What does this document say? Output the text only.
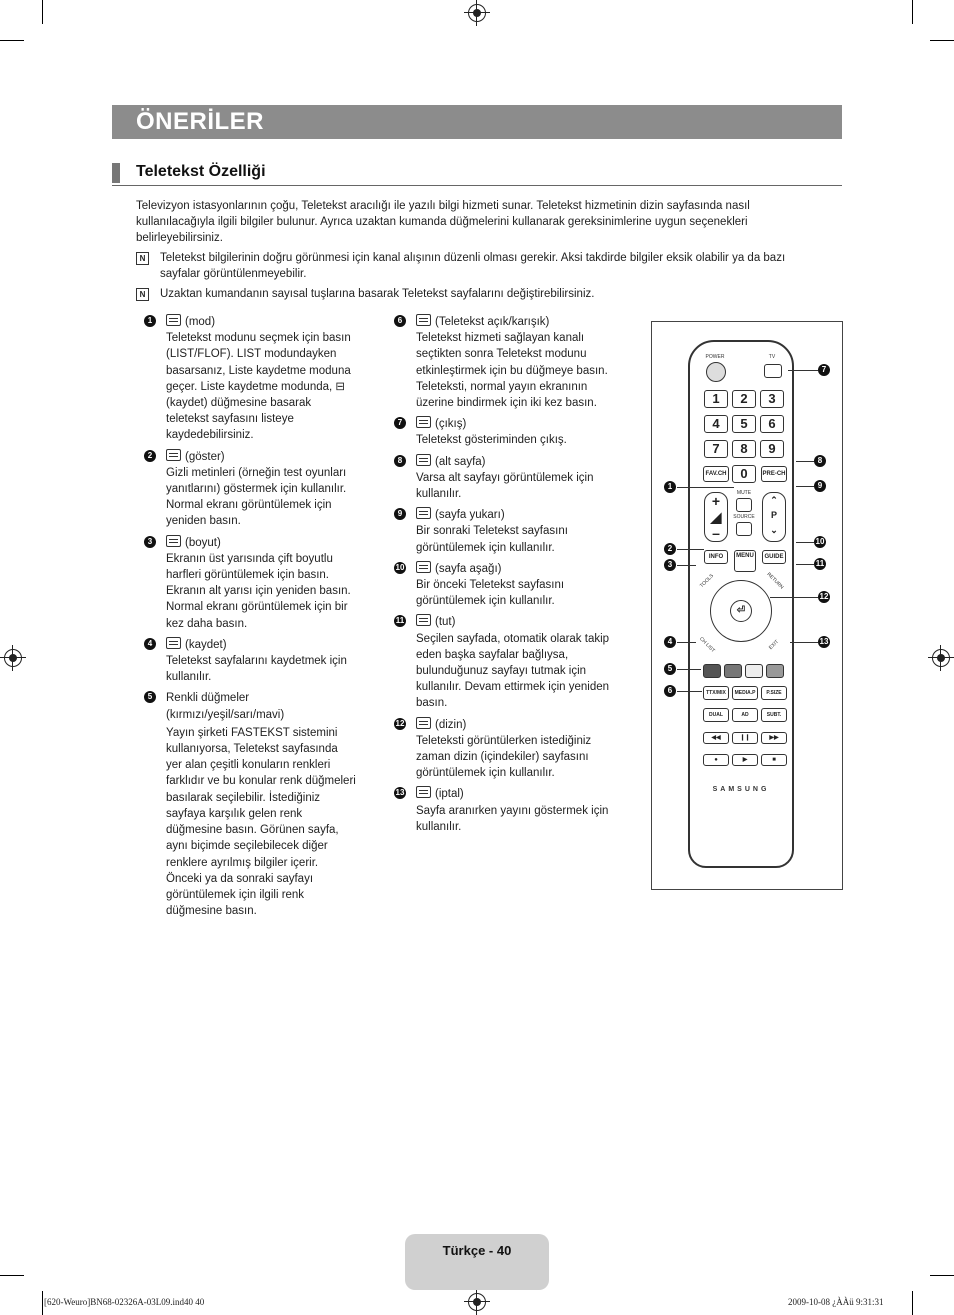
ÖNERİLER
Teletekst Özelliği
Televizyon istasyonlarının çoğu, Teletekst aracılığı ile yazılı bilgi hizmeti sunar. Teletekst hizmetinin dizin sayfasında nasıl kullanılacağıyla ilgili bilgiler bulunur. Ayrıca uzaktan kumanda düğmelerini kullanarak gereksinimlerine uygun seçenekleri belirleyebilirsiniz.
N	Teletekst bilgilerinin doğru görünmesi için kanal alışının düzenli olması gerekir. Aksi takdirde bilgiler eksik olabilir ya da bazı sayfalar görüntülenmeyebilir.
N	Uzaktan kumandanın sayısal tuşlarına basarak Teletekst sayfalarını değiştirebilirsiniz.
1	(mod)
Teletekst modunu seçmek için basın (LIST/FLOF). LIST modundayken basarsanız, Liste kaydetme moduna geçer. Liste kaydetme modunda, ⊟ (kaydet) düğmesine basarak teletekst sayfasını listeye kaydedebilirsiniz.
2	(göster)
Gizli metinleri (örneğin test oyunları yanıtlarını) göstermek için kullanılır. Normal ekranı görüntülemek için yeniden basın.
3	(boyut)
Ekranın üst yarısında çift boyutlu harfleri görüntülemek için basın. Ekranın alt yarısı için yeniden basın. Normal ekranı görüntülemek için bir kez daha basın.
4	(kaydet)
Teletekst sayfalarını kaydetmek için kullanılır.
5	Renkli düğmeler (kırmızı/yeşil/sarı/mavi)
Yayın şirketi FASTEKST sistemini kullanıyorsa, Teletekst sayfasında yer alan çeşitli konuların renkleri farklıdır ve bu konular renk düğmeleri basılarak seçilebilir. İstediğiniz sayfaya karşılık gelen renk düğmesine basın. Görünen sayfa, aynı biçimde seçilebilecek diğer renklere ayrılmış bilgiler içerir. Önceki ya da sonraki sayfayı görüntülemek için ilgili renk düğmesine basın.
6	(Teletekst açık/karışık)
Teletekst hizmeti sağlayan kanalı seçtikten sonra Teletekst modunu etkinleştirmek için bu düğmeye basın. Teleteksti, normal yayın ekranının üzerine bindirmek için iki kez basın.
7	(çıkış)
Teletekst gösteriminden çıkış.
8	(alt sayfa)
Varsa alt sayfayı görüntülemek için kullanılır.
9	(sayfa yukarı)
Bir sonraki Teletekst sayfasını görüntülemek için kullanılır.
10	(sayfa aşağı)
Bir önceki Teletekst sayfasını görüntülemek için kullanılır.
11	(tut)
Seçilen sayfada, otomatik olarak takip eden başka sayfalar bağlıysa, bulunduğunuz sayfayı tutmak için kullanılır. Devam ettirmek için yeniden basın.
12	(dizin)
Teleteksti görüntülerken istediğiniz zaman dizin (içindekiler) sayfasını görüntülemek için kullanılır.
13	(iptal)
Sayfa aranırken yayını göstermek için kullanılır.
POWER	TV
1	2	3
4	5	6
7	8	9
FAV.CH	0	PRE-CH
+
◢
–
MUTE
SOURCE
⌃
P
⌄
INFO	MENU	GUIDE
⏎
TOOLS	RETURN
CH LIST	EXIT
TTX/MIX	MEDIA.P	P.SIZE
DUAL	AD	SUBT.
◀◀	❙❙	▶▶
●	▶	■
SAMSUNG
1
2
3
4
5
6
7
8
9
10
11
12
13
Türkçe - 40
[620-Weuro]BN68-02326A-03L09.ind40 40	2009-10-08 ¿ÀÀü 9:31:31
